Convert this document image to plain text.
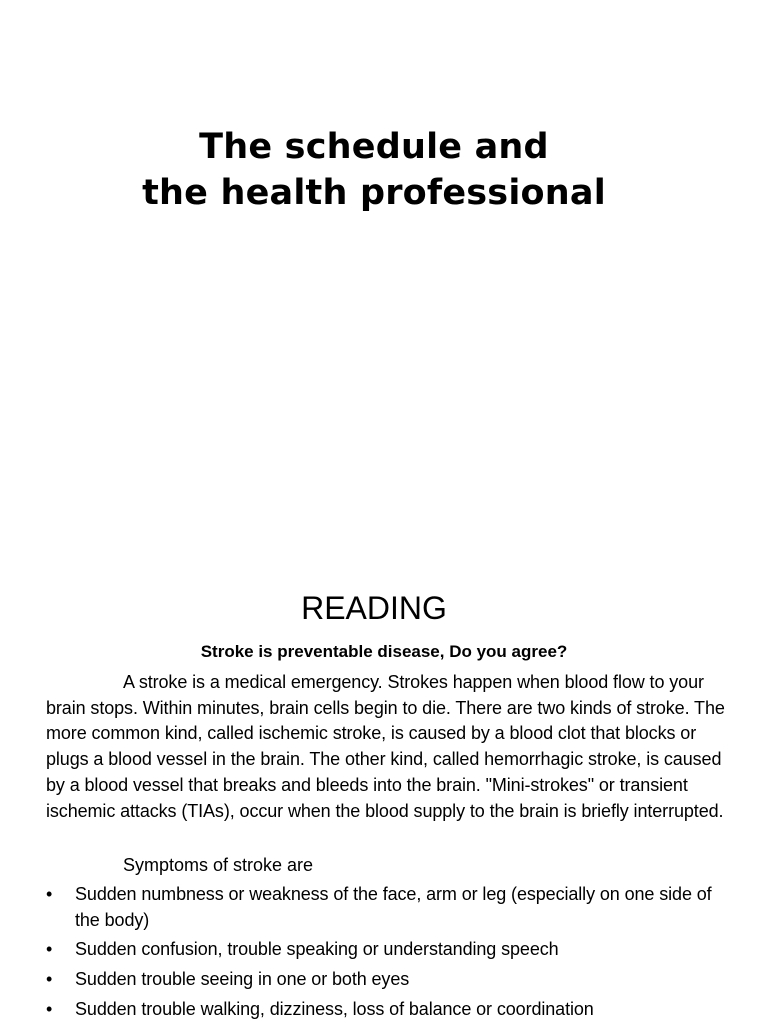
The schedule and
the health professional
READING

Stroke is preventable disease, Do you agree?

A stroke is a medical emergency. Strokes happen when blood flow to your brain stops. Within minutes, brain cells begin to die. There are two kinds of stroke. The more common kind, called ischemic stroke, is caused by a blood clot that blocks or plugs a blood vessel in the brain. The other kind, called hemorrhagic stroke, is caused by a blood vessel that breaks and bleeds into the brain. "Mini-strokes" or transient ischemic attacks (TIAs), occur when the blood supply to the brain is briefly interrupted.

Symptoms of stroke are

• Sudden numbness or weakness of the face, arm or leg (especially on one side of the body)
• Sudden confusion, trouble speaking or understanding speech
• Sudden trouble seeing in one or both eyes
• Sudden trouble walking, dizziness, loss of balance or coordination
